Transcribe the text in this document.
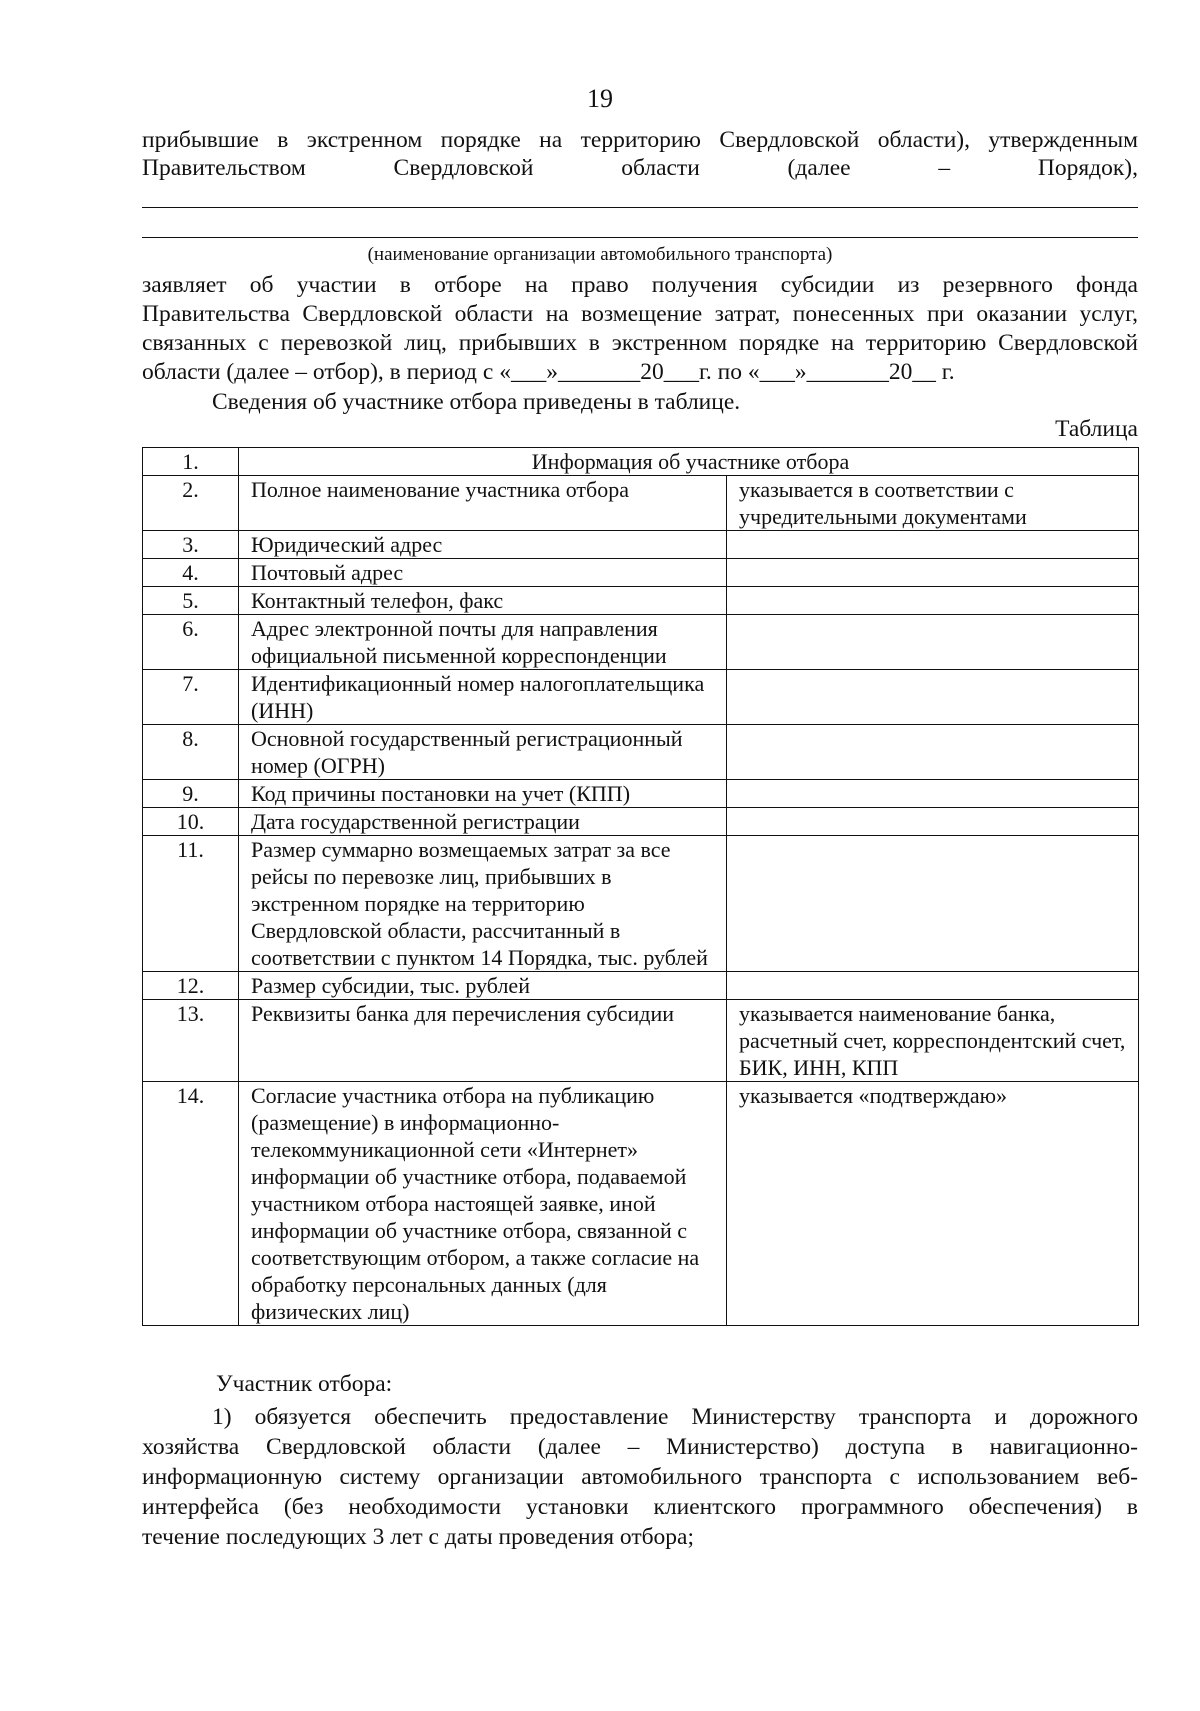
19

прибывшие в экстренном порядке на территорию Свердловской области), утвержденным

Правительством Свердловской области (далее – Порядок),

(наименование организации автомобильного транспорта)

заявляет об участии в отборе на право получения субсидии из резервного фонда

Правительства Свердловской области на возмещение затрат, понесенных при оказании услуг,

связанных с перевозкой лиц, прибывших в экстренном порядке на территорию Свердловской

области (далее – отбор), в период с «___»_______20___г. по «___»_______20__ г.

Сведения об участнике отбора приведены в таблице.

Таблица
1.	Информация об участнике отбора	
2.	Полное наименование участника отбора	указывается в соответствии с учредительными документами
3.	Юридический адрес	
4.	Почтовый адрес	
5.	Контактный телефон, факс	
6.	Адрес электронной почты для направления официальной письменной корреспонденции	
7.	Идентификационный номер налогоплательщика (ИНН)	
8.	Основной государственный регистрационный номер (ОГРН)	
9.	Код причины постановки на учет (КПП)	
10.	Дата государственной регистрации	
11.	Размер суммарно возмещаемых затрат за все рейсы по перевозке лиц, прибывших в экстренном порядке на территорию Свердловской области, рассчитанный в соответствии с пунктом 14 Порядка, тыс. рублей	
12.	Размер субсидии, тыс. рублей	
13.	Реквизиты банка для перечисления субсидии	указывается наименование банка, расчетный счет, корреспондентский счет, БИК, ИНН, КПП
14.	Согласие участника отбора на публикацию (размещение) в информационно-телекоммуникационной сети «Интернет» информации об участнике отбора, подаваемой участником отбора настоящей заявке, иной информации об участнике отбора, связанной с соответствующим отбором, а также согласие на обработку персональных данных (для физических лиц)	указывается «подтверждаю»

Участник отбора:

1) обязуется обеспечить предоставление Министерству транспорта и дорожного

хозяйства Свердловской области (далее – Министерство) доступа в навигационно-

информационную систему организации автомобильного транспорта с использованием веб-

интерфейса (без необходимости установки клиентского программного обеспечения) в

течение последующих 3 лет с даты проведения отбора;
